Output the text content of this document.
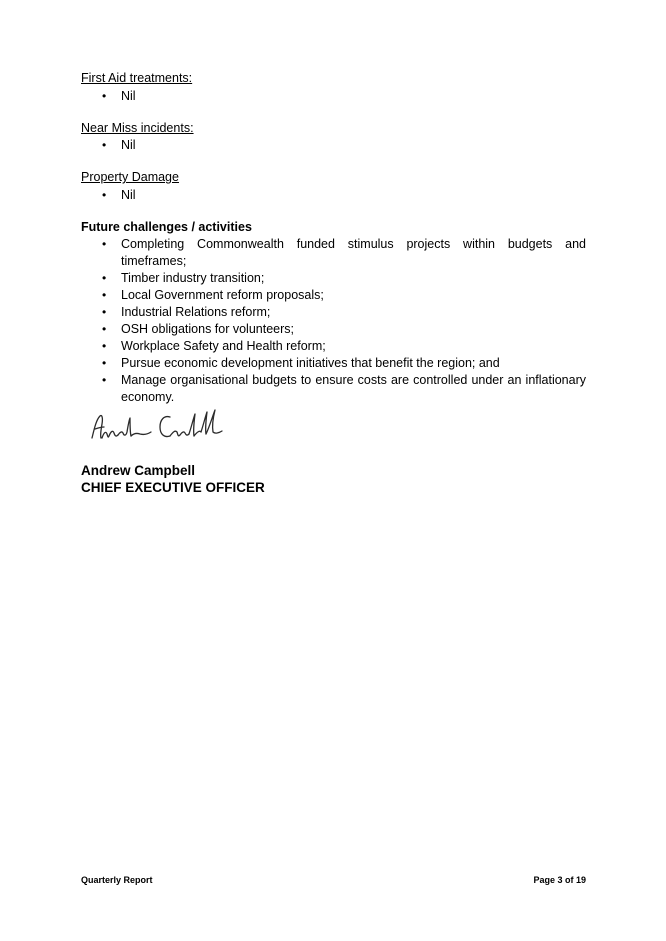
First Aid treatments:
• Nil
Near Miss incidents:
• Nil
Property Damage
• Nil
Future challenges / activities
• Completing Commonwealth funded stimulus projects within budgets and timeframes;
• Timber industry transition;
• Local Government reform proposals;
• Industrial Relations reform;
• OSH obligations for volunteers;
• Workplace Safety and Health reform;
• Pursue economic development initiatives that benefit the region; and
• Manage organisational budgets to ensure costs are controlled under an inflationary economy.
Andrew Campbell
CHIEF EXECUTIVE OFFICER
Quarterly Report	Page 3 of 19
